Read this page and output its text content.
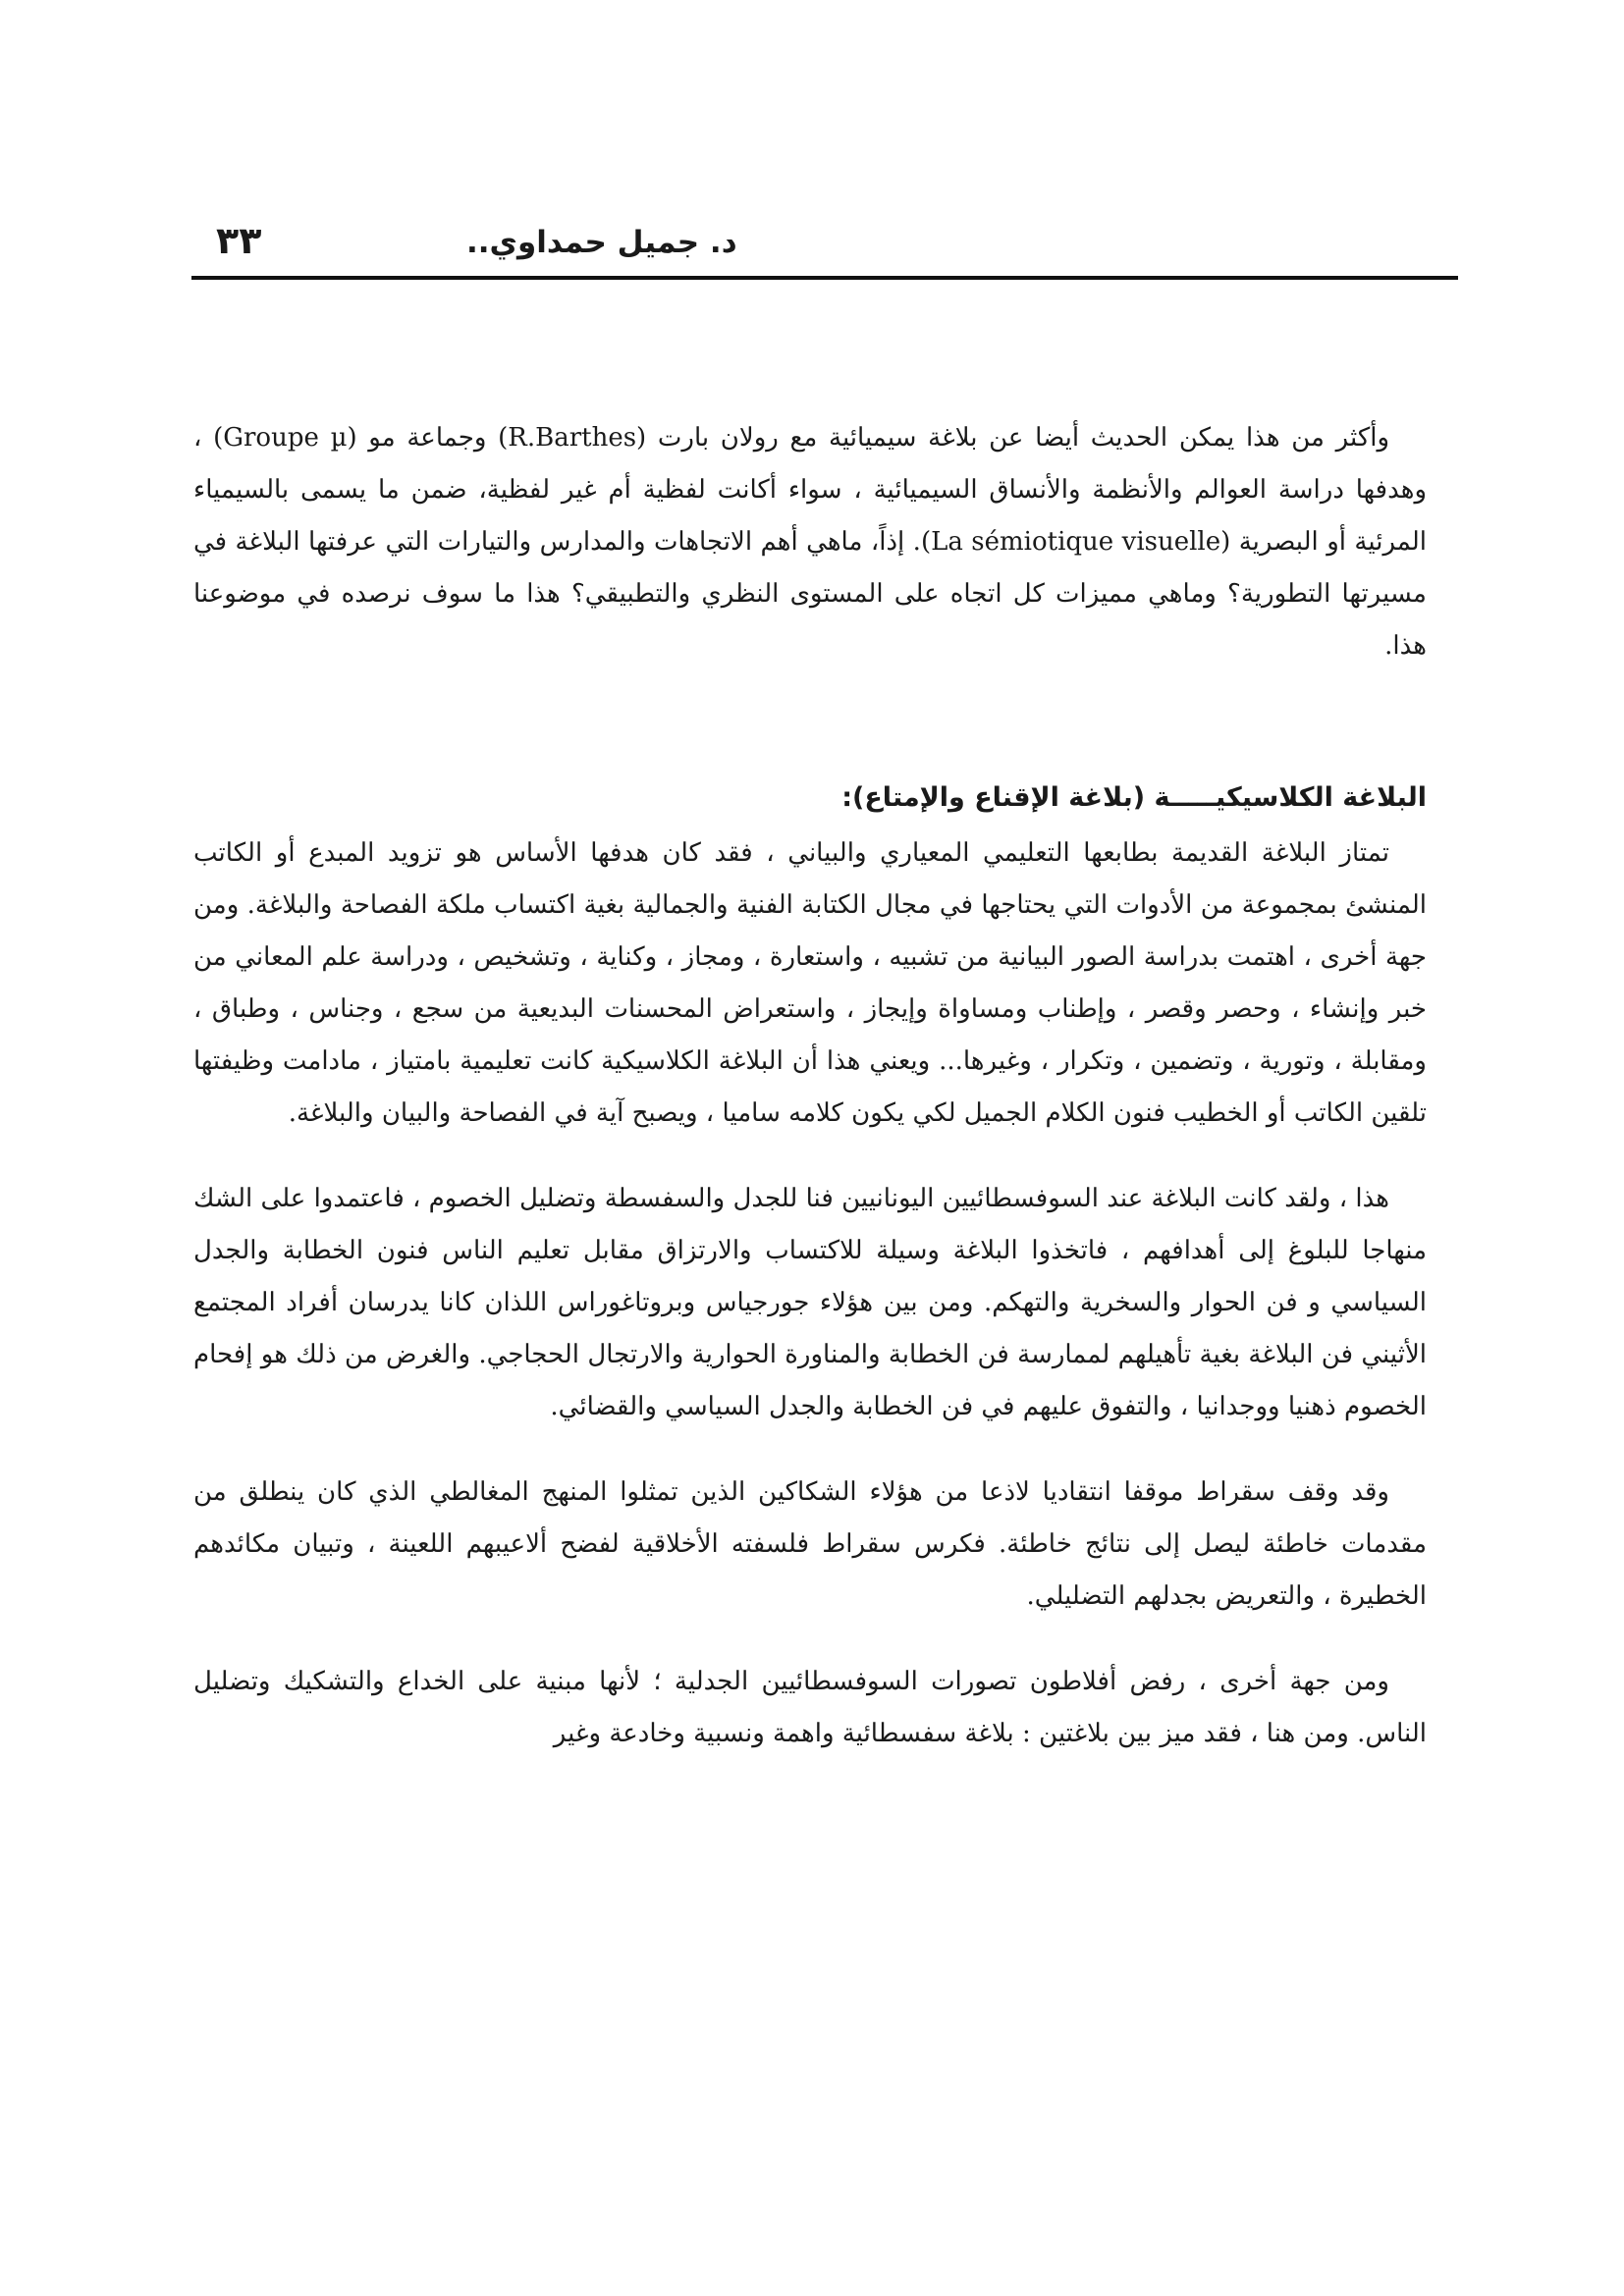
٣٣	د. جميل حمداوي..

وأكثر من هذا يمكن الحديث أيضا عن بلاغة سيميائية مع رولان بارت (R.Barthes) وجماعة مو (Groupe µ) ، وهدفها دراسة العوالم والأنظمة والأنساق السيميائية ، سواء أكانت لفظية أم غير لفظية، ضمن ما يسمى بالسيمياء المرئية أو البصرية (La sémiotique visuelle). إذاً، ماهي أهم الاتجاهات والمدارس والتيارات التي عرفتها البلاغة في مسيرتها التطورية؟ وماهي مميزات كل اتجاه على المستوى النظري والتطبيقي؟ هذا ما سوف نرصده في موضوعنا هذا.

البلاغة الكلاسيكيـــــة (بلاغة الإقناع والإمتاع):

تمتاز البلاغة القديمة بطابعها التعليمي المعياري والبياني ، فقد كان هدفها الأساس هو تزويد المبدع أو الكاتب المنشئ بمجموعة من الأدوات التي يحتاجها في مجال الكتابة الفنية والجمالية بغية اكتساب ملكة الفصاحة والبلاغة. ومن جهة أخرى ، اهتمت بدراسة الصور البيانية من تشبيه ، واستعارة ، ومجاز ، وكناية ، وتشخيص ، ودراسة علم المعاني من خبر وإنشاء ، وحصر وقصر ، وإطناب ومساواة وإيجاز ، واستعراض المحسنات البديعية من سجع ، وجناس ، وطباق ، ومقابلة ، وتورية ، وتضمين ، وتكرار ، وغيرها... ويعني هذا أن البلاغة الكلاسيكية كانت تعليمية بامتياز ، مادامت وظيفتها تلقين الكاتب أو الخطيب فنون الكلام الجميل لكي يكون كلامه ساميا ، ويصبح آية في الفصاحة والبيان والبلاغة.

هذا ، ولقد كانت البلاغة عند السوفسطائيين اليونانيين فنا للجدل والسفسطة وتضليل الخصوم ، فاعتمدوا على الشك منهاجا للبلوغ إلى أهدافهم ، فاتخذوا البلاغة وسيلة للاكتساب والارتزاق مقابل تعليم الناس فنون الخطابة والجدل السياسي و فن الحوار والسخرية والتهكم. ومن بين هؤلاء جورجياس وبروتاغوراس اللذان كانا يدرسان أفراد المجتمع الأثيني فن البلاغة بغية تأهيلهم لممارسة فن الخطابة والمناورة الحوارية والارتجال الحجاجي. والغرض من ذلك هو إفحام الخصوم ذهنيا ووجدانيا ، والتفوق عليهم في فن الخطابة والجدل السياسي والقضائي.

وقد وقف سقراط موقفا انتقاديا لاذعا من هؤلاء الشكاكين الذين تمثلوا المنهج المغالطي الذي كان ينطلق من مقدمات خاطئة ليصل إلى نتائج خاطئة. فكرس سقراط فلسفته الأخلاقية لفضح ألاعيبهم اللعينة ، وتبيان مكائدهم الخطيرة ، والتعريض بجدلهم التضليلي.

ومن جهة أخرى ، رفض أفلاطون تصورات السوفسطائيين الجدلية ؛ لأنها مبنية على الخداع والتشكيك وتضليل الناس. ومن هنا ، فقد ميز بين بلاغتين : بلاغة سفسطائية واهمة ونسبية وخادعة وغير
